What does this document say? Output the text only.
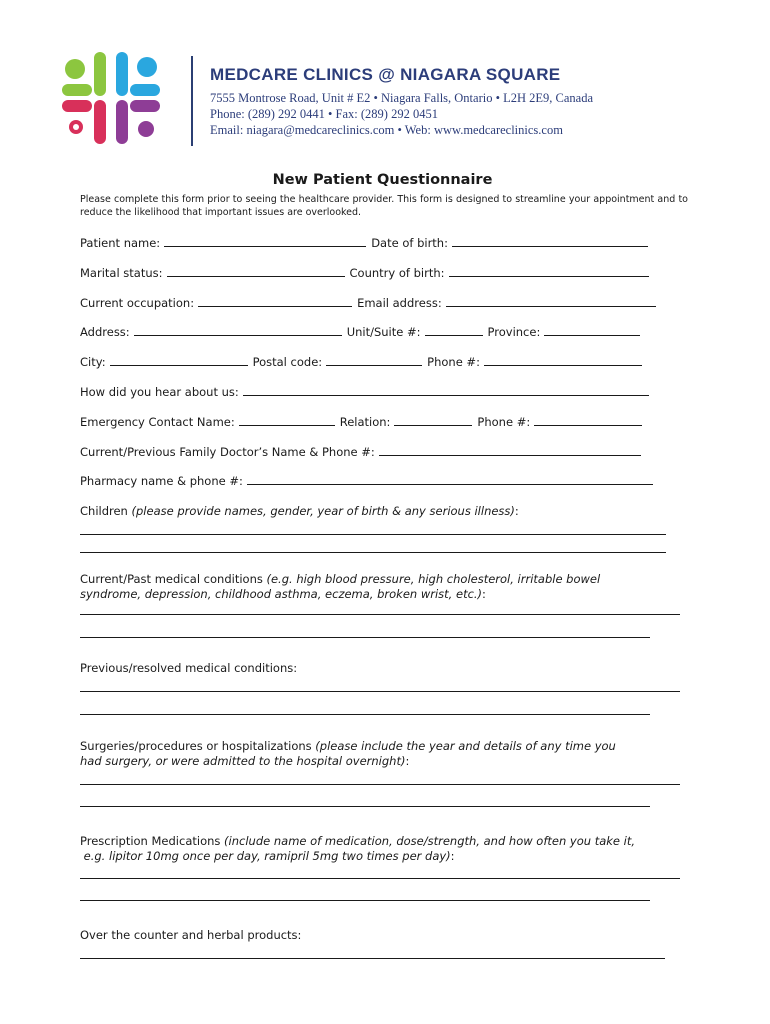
MEDCARE CLINICS @ NIAGARA SQUARE
7555 Montrose Road, Unit # E2 • Niagara Falls, Ontario • L2H 2E9, Canada
Phone: (289) 292 0441 • Fax: (289) 292 0451
Email: niagara@medcareclinics.com • Web: www.medcareclinics.com
New Patient Questionnaire
Please complete this form prior to seeing the healthcare provider. This form is designed to streamline your appointment and to reduce the likelihood that important issues are overlooked.
Patient name:	Date of birth:
Marital status:	Country of birth:
Current occupation:	Email address:
Address:	Unit/Suite #:	Province:
City:	Postal code:	Phone #:
How did you hear about us:
Emergency Contact Name:	Relation:	Phone #:
Current/Previous Family Doctor’s Name & Phone #:
Pharmacy name & phone #:
Children (please provide names, gender, year of birth & any serious illness):
Current/Past medical conditions (e.g. high blood pressure, high cholesterol, irritable bowel
syndrome, depression, childhood asthma, eczema, broken wrist, etc.):
Previous/resolved medical conditions:
Surgeries/procedures or hospitalizations (please include the year and details of any time you
had surgery, or were admitted to the hospital overnight):
Prescription Medications (include name of medication, dose/strength, and how often you take it,
e.g. lipitor 10mg once per day, ramipril 5mg two times per day):
Over the counter and herbal products:
